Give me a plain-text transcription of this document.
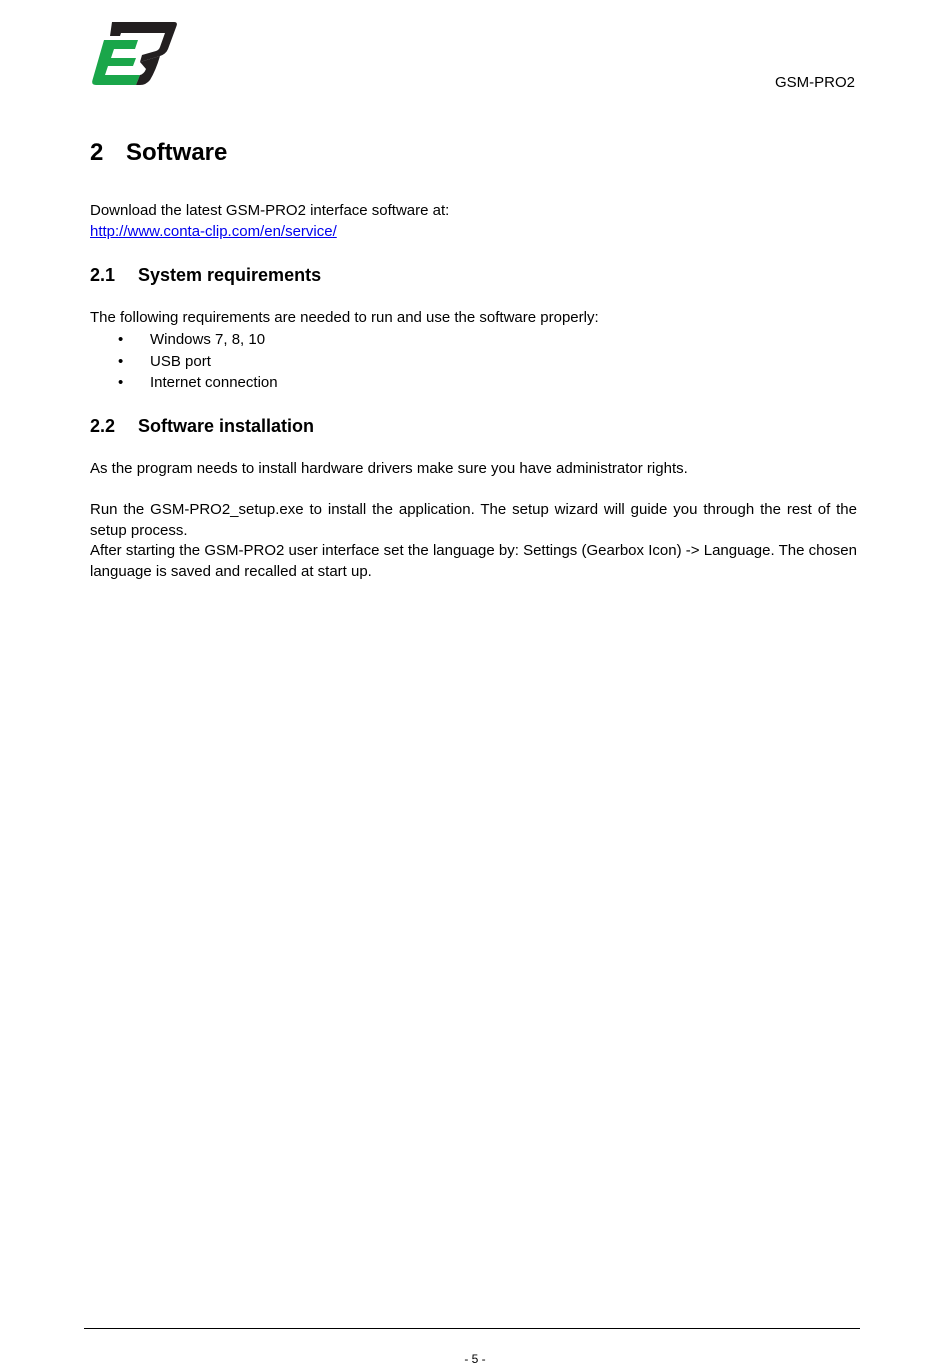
GSM-PRO2
2 Software
Download the latest GSM-PRO2 interface software at:
http://www.conta-clip.com/en/service/
2.1 System requirements
The following requirements are needed to run and use the software properly:
• Windows 7, 8, 10
• USB port
• Internet connection
2.2 Software installation
As the program needs to install hardware drivers make sure you have administrator rights.
Run the GSM-PRO2_setup.exe to install the application. The setup wizard will guide you through the rest of the setup process.
After starting the GSM-PRO2 user interface set the language by: Settings (Gearbox Icon) -> Language. The chosen language is saved and recalled at start up.
- 5 -
